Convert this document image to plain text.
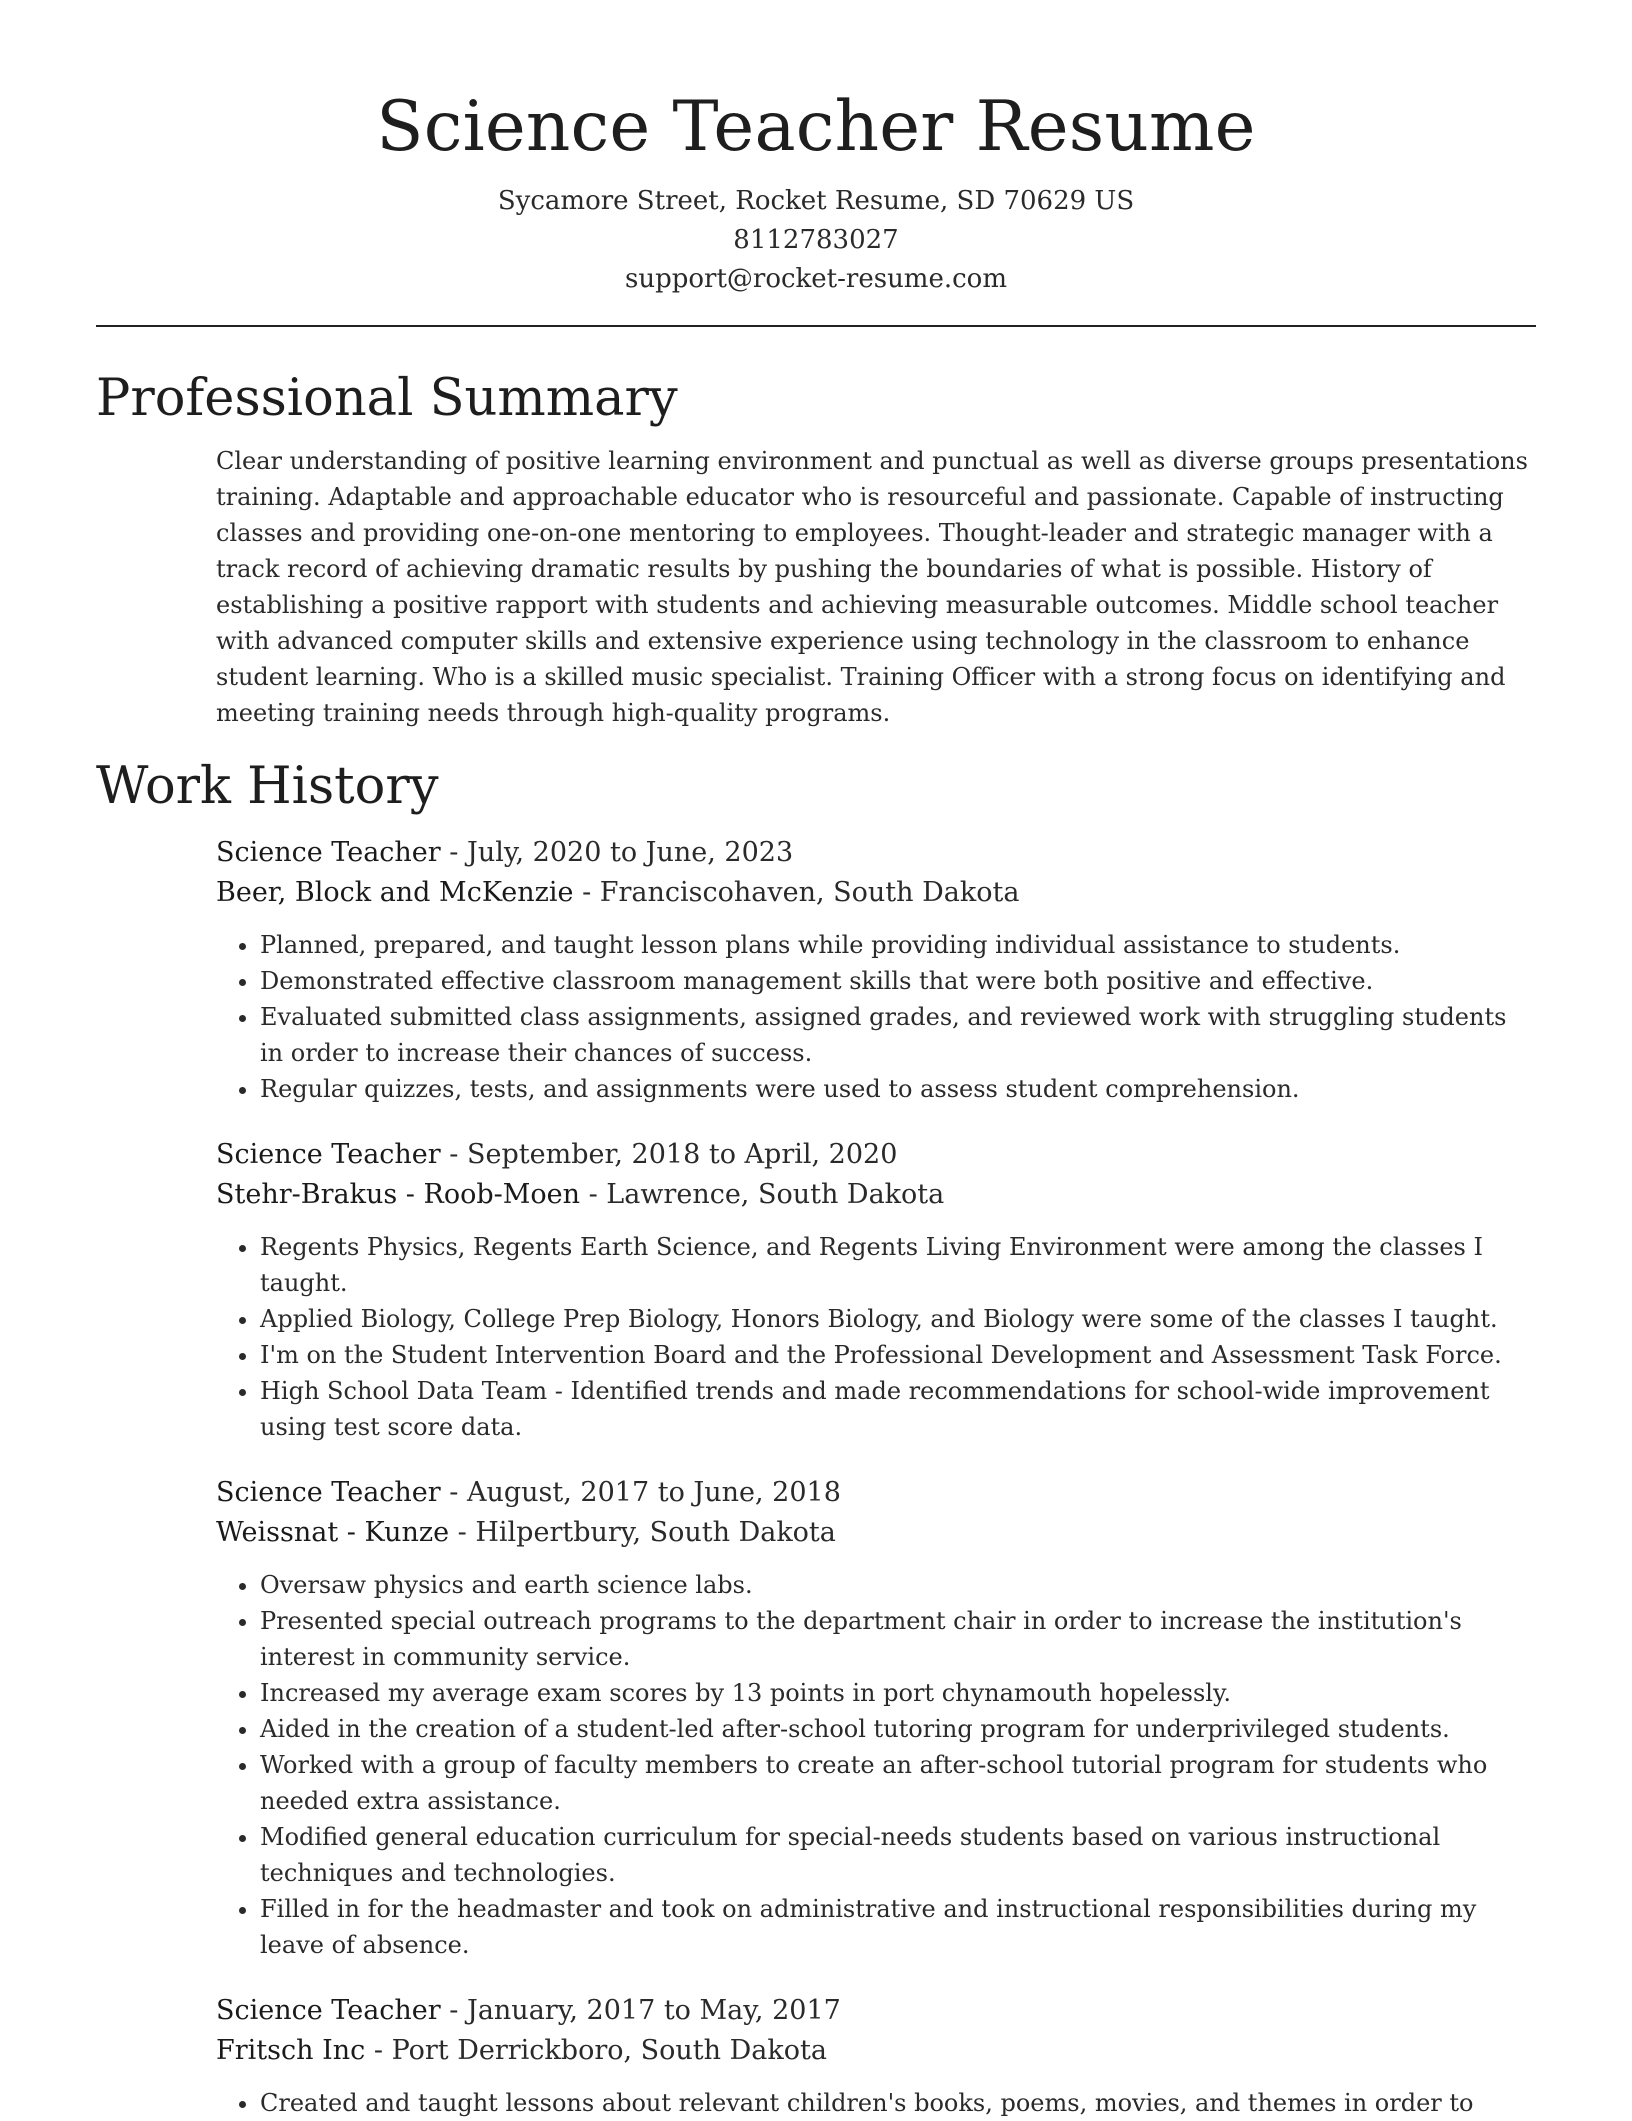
Science Teacher Resume
Sycamore Street, Rocket Resume, SD 70629 US
8112783027
support@rocket-resume.com
Professional Summary
Clear understanding of positive learning environment and punctual as well as diverse groups presentations training. Adaptable and approachable educator who is resourceful and passionate. Capable of instructing classes and providing one-on-one mentoring to employees. Thought-leader and strategic manager with a track record of achieving dramatic results by pushing the boundaries of what is possible. History of establishing a positive rapport with students and achieving measurable outcomes. Middle school teacher with advanced computer skills and extensive experience using technology in the classroom to enhance student learning. Who is a skilled music specialist. Training Officer with a strong focus on identifying and meeting training needs through high-quality programs.
Work History
Science Teacher - July, 2020 to June, 2023
Beer, Block and McKenzie - Franciscohaven, South Dakota
• Planned, prepared, and taught lesson plans while providing individual assistance to students.
• Demonstrated effective classroom management skills that were both positive and effective.
• Evaluated submitted class assignments, assigned grades, and reviewed work with struggling students in order to increase their chances of success.
• Regular quizzes, tests, and assignments were used to assess student comprehension.
Science Teacher - September, 2018 to April, 2020
Stehr-Brakus - Roob-Moen - Lawrence, South Dakota
• Regents Physics, Regents Earth Science, and Regents Living Environment were among the classes I taught.
• Applied Biology, College Prep Biology, Honors Biology, and Biology were some of the classes I taught.
• I'm on the Student Intervention Board and the Professional Development and Assessment Task Force.
• High School Data Team - Identified trends and made recommendations for school-wide improvement using test score data.
Science Teacher - August, 2017 to June, 2018
Weissnat - Kunze - Hilpertbury, South Dakota
• Oversaw physics and earth science labs.
• Presented special outreach programs to the department chair in order to increase the institution's interest in community service.
• Increased my average exam scores by 13 points in port chynamouth hopelessly.
• Aided in the creation of a student-led after-school tutoring program for underprivileged students.
• Worked with a group of faculty members to create an after-school tutorial program for students who needed extra assistance.
• Modified general education curriculum for special-needs students based on various instructional techniques and technologies.
• Filled in for the headmaster and took on administrative and instructional responsibilities during my leave of absence.
Science Teacher - January, 2017 to May, 2017
Fritsch Inc - Port Derrickboro, South Dakota
• Created and taught lessons about relevant children's books, poems, movies, and themes in order to
